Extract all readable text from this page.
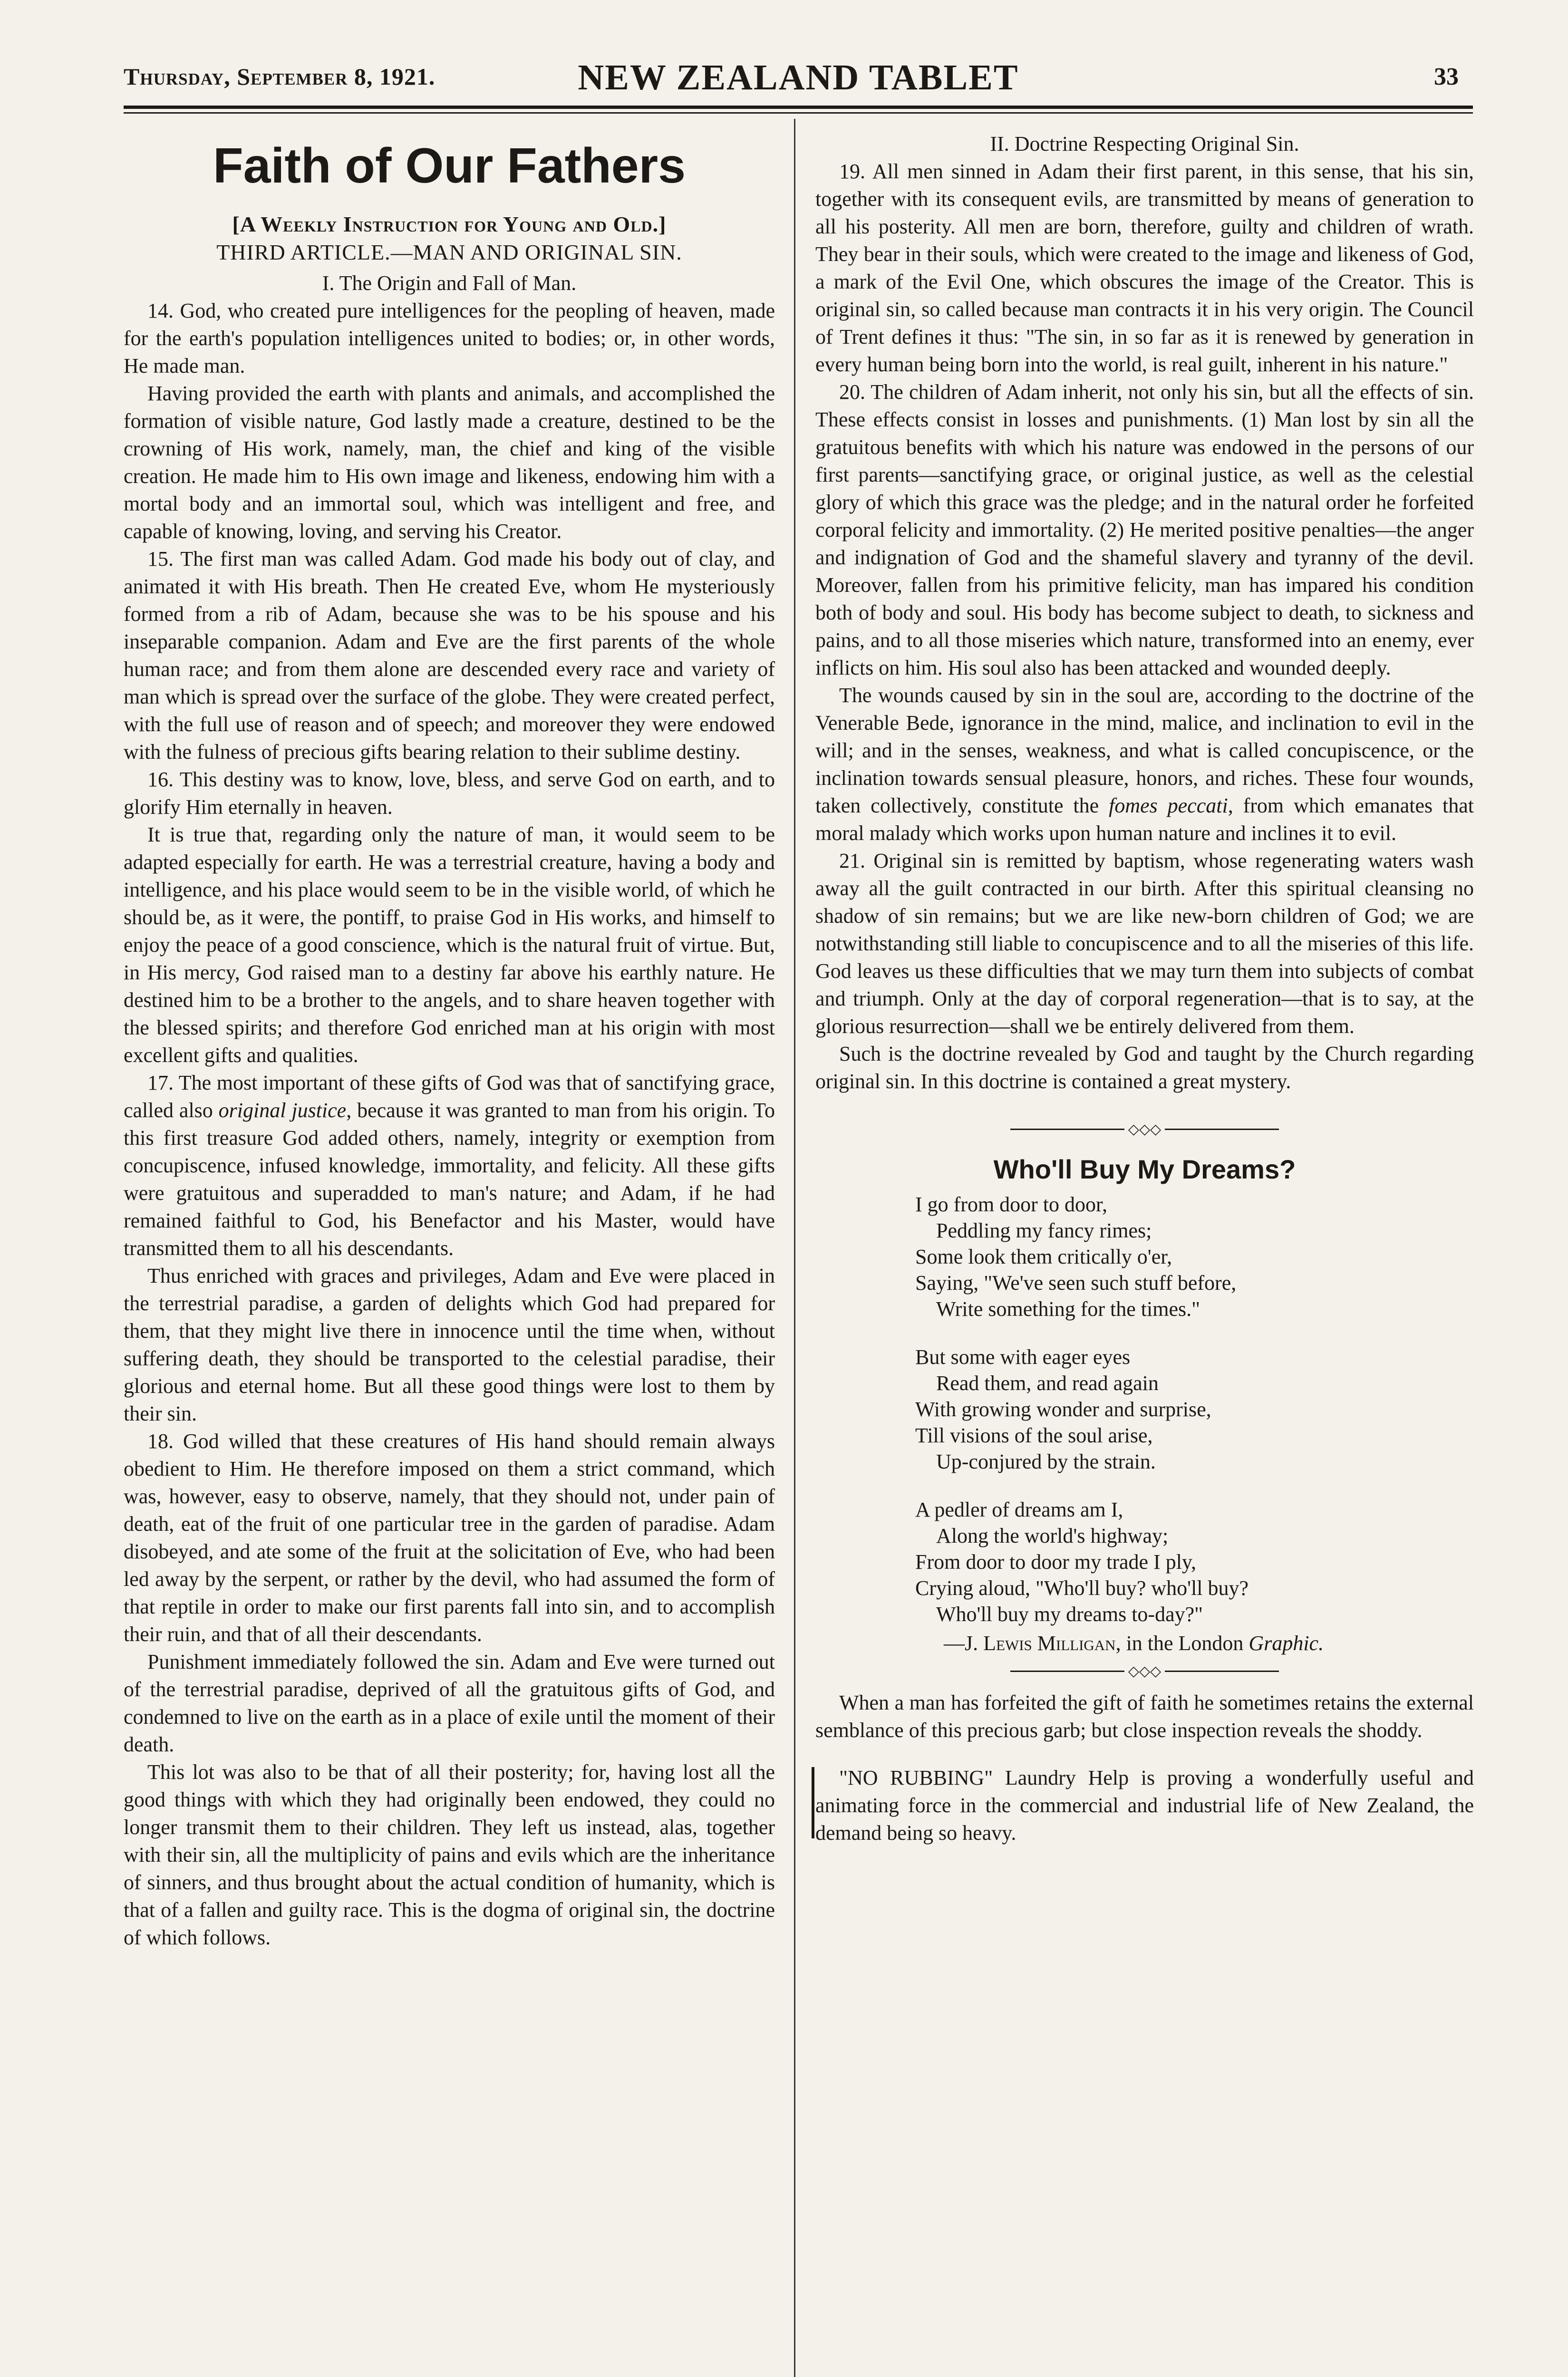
Thursday, September 8, 1921.	NEW ZEALAND TABLET	33
Faith of Our Fathers
[A Weekly Instruction for Young and Old.]
THIRD ARTICLE.—MAN AND ORIGINAL SIN.
I. The Origin and Fall of Man.

14. God, who created pure intelligences for the peopling of heaven, made for the earth's population intelligences united to bodies; or, in other words, He made man.

Having provided the earth with plants and animals, and accomplished the formation of visible nature, God lastly made a creature, destined to be the crowning of His work, namely, man, the chief and king of the visible creation. He made him to His own image and likeness, endowing him with a mortal body and an immortal soul, which was intelligent and free, and capable of knowing, loving, and serving his Creator.

15. The first man was called Adam. God made his body out of clay, and animated it with His breath. Then He created Eve, whom He mysteriously formed from a rib of Adam, because she was to be his spouse and his inseparable companion. Adam and Eve are the first parents of the whole human race; and from them alone are descended every race and variety of man which is spread over the surface of the globe. They were created perfect, with the full use of reason and of speech; and moreover they were endowed with the fulness of precious gifts bearing relation to their sublime destiny.

16. This destiny was to know, love, bless, and serve God on earth, and to glorify Him eternally in heaven.

It is true that, regarding only the nature of man, it would seem to be adapted especially for earth. He was a terrestrial creature, having a body and intelligence, and his place would seem to be in the visible world, of which he should be, as it were, the pontiff, to praise God in His works, and himself to enjoy the peace of a good conscience, which is the natural fruit of virtue. But, in His mercy, God raised man to a destiny far above his earthly nature. He destined him to be a brother to the angels, and to share heaven together with the blessed spirits; and therefore God enriched man at his origin with most excellent gifts and qualities.

17. The most important of these gifts of God was that of sanctifying grace, called also original justice, because it was granted to man from his origin. To this first treasure God added others, namely, integrity or exemption from concupiscence, infused knowledge, immortality, and felicity. All these gifts were gratuitous and superadded to man's nature; and Adam, if he had remained faithful to God, his Benefactor and his Master, would have transmitted them to all his descendants.

Thus enriched with graces and privileges, Adam and Eve were placed in the terrestrial paradise, a garden of delights which God had prepared for them, that they might live there in innocence until the time when, without suffering death, they should be transported to the celestial paradise, their glorious and eternal home. But all these good things were lost to them by their sin.

18. God willed that these creatures of His hand should remain always obedient to Him. He therefore imposed on them a strict command, which was, however, easy to observe, namely, that they should not, under pain of death, eat of the fruit of one particular tree in the garden of paradise. Adam disobeyed, and ate some of the fruit at the solicitation of Eve, who had been led away by the serpent, or rather by the devil, who had assumed the form of that reptile in order to make our first parents fall into sin, and to accomplish their ruin, and that of all their descendants.

Punishment immediately followed the sin. Adam and Eve were turned out of the terrestrial paradise, deprived of all the gratuitous gifts of God, and condemned to live on the earth as in a place of exile until the moment of their death.

This lot was also to be that of all their posterity; for, having lost all the good things with which they had originally been endowed, they could no longer transmit them to their children. They left us instead, alas, together with their sin, all the multiplicity of pains and evils which are the inheritance of sinners, and thus brought about the actual condition of humanity, which is that of a fallen and guilty race. This is the dogma of original sin, the doctrine of which follows.

II. Doctrine Respecting Original Sin.

19. All men sinned in Adam their first parent, in this sense, that his sin, together with its consequent evils, are transmitted by means of generation to all his posterity. All men are born, therefore, guilty and children of wrath. They bear in their souls, which were created to the image and likeness of God, a mark of the Evil One, which obscures the image of the Creator. This is original sin, so called because man contracts it in his very origin. The Council of Trent defines it thus: "The sin, in so far as it is renewed by generation in every human being born into the world, is real guilt, inherent in his nature."

20. The children of Adam inherit, not only his sin, but all the effects of sin. These effects consist in losses and punishments. (1) Man lost by sin all the gratuitous benefits with which his nature was endowed in the persons of our first parents—sanctifying grace, or original justice, as well as the celestial glory of which this grace was the pledge; and in the natural order he forfeited corporal felicity and immortality. (2) He merited positive penalties—the anger and indignation of God and the shameful slavery and tyranny of the devil. Moreover, fallen from his primitive felicity, man has impared his condition both of body and soul. His body has become subject to death, to sickness and pains, and to all those miseries which nature, transformed into an enemy, ever inflicts on him. His soul also has been attacked and wounded deeply.

The wounds caused by sin in the soul are, according to the doctrine of the Venerable Bede, ignorance in the mind, malice, and inclination to evil in the will; and in the senses, weakness, and what is called concupiscence, or the inclination towards sensual pleasure, honors, and riches. These four wounds, taken collectively, constitute the fomes peccati, from which emanates that moral malady which works upon human nature and inclines it to evil.

21. Original sin is remitted by baptism, whose regenerating waters wash away all the guilt contracted in our birth. After this spiritual cleansing no shadow of sin remains; but we are like new-born children of God; we are notwithstanding still liable to concupiscence and to all the miseries of this life. God leaves us these difficulties that we may turn them into subjects of combat and triumph. Only at the day of corporal regeneration—that is to say, at the glorious resurrection—shall we be entirely delivered from them.

Such is the doctrine revealed by God and taught by the Church regarding original sin. In this doctrine is contained a great mystery.

◇◇◇
Who'll Buy My Dreams?
I go from door to door,
Peddling my fancy rimes;
Some look them critically o'er,
Saying, "We've seen such stuff before,
Write something for the times."
But some with eager eyes
Read them, and read again
With growing wonder and surprise,
Till visions of the soul arise,
Up-conjured by the strain.
A pedler of dreams am I,
Along the world's highway;
From door to door my trade I ply,
Crying aloud, "Who'll buy? who'll buy?
Who'll buy my dreams to-day?"
—J. Lewis Milligan, in the London Graphic.
◇◇◇

When a man has forfeited the gift of faith he sometimes retains the external semblance of this precious garb; but close inspection reveals the shoddy.

"NO RUBBING" Laundry Help is proving a wonderfully useful and animating force in the commercial and industrial life of New Zealand, the demand being so heavy.
